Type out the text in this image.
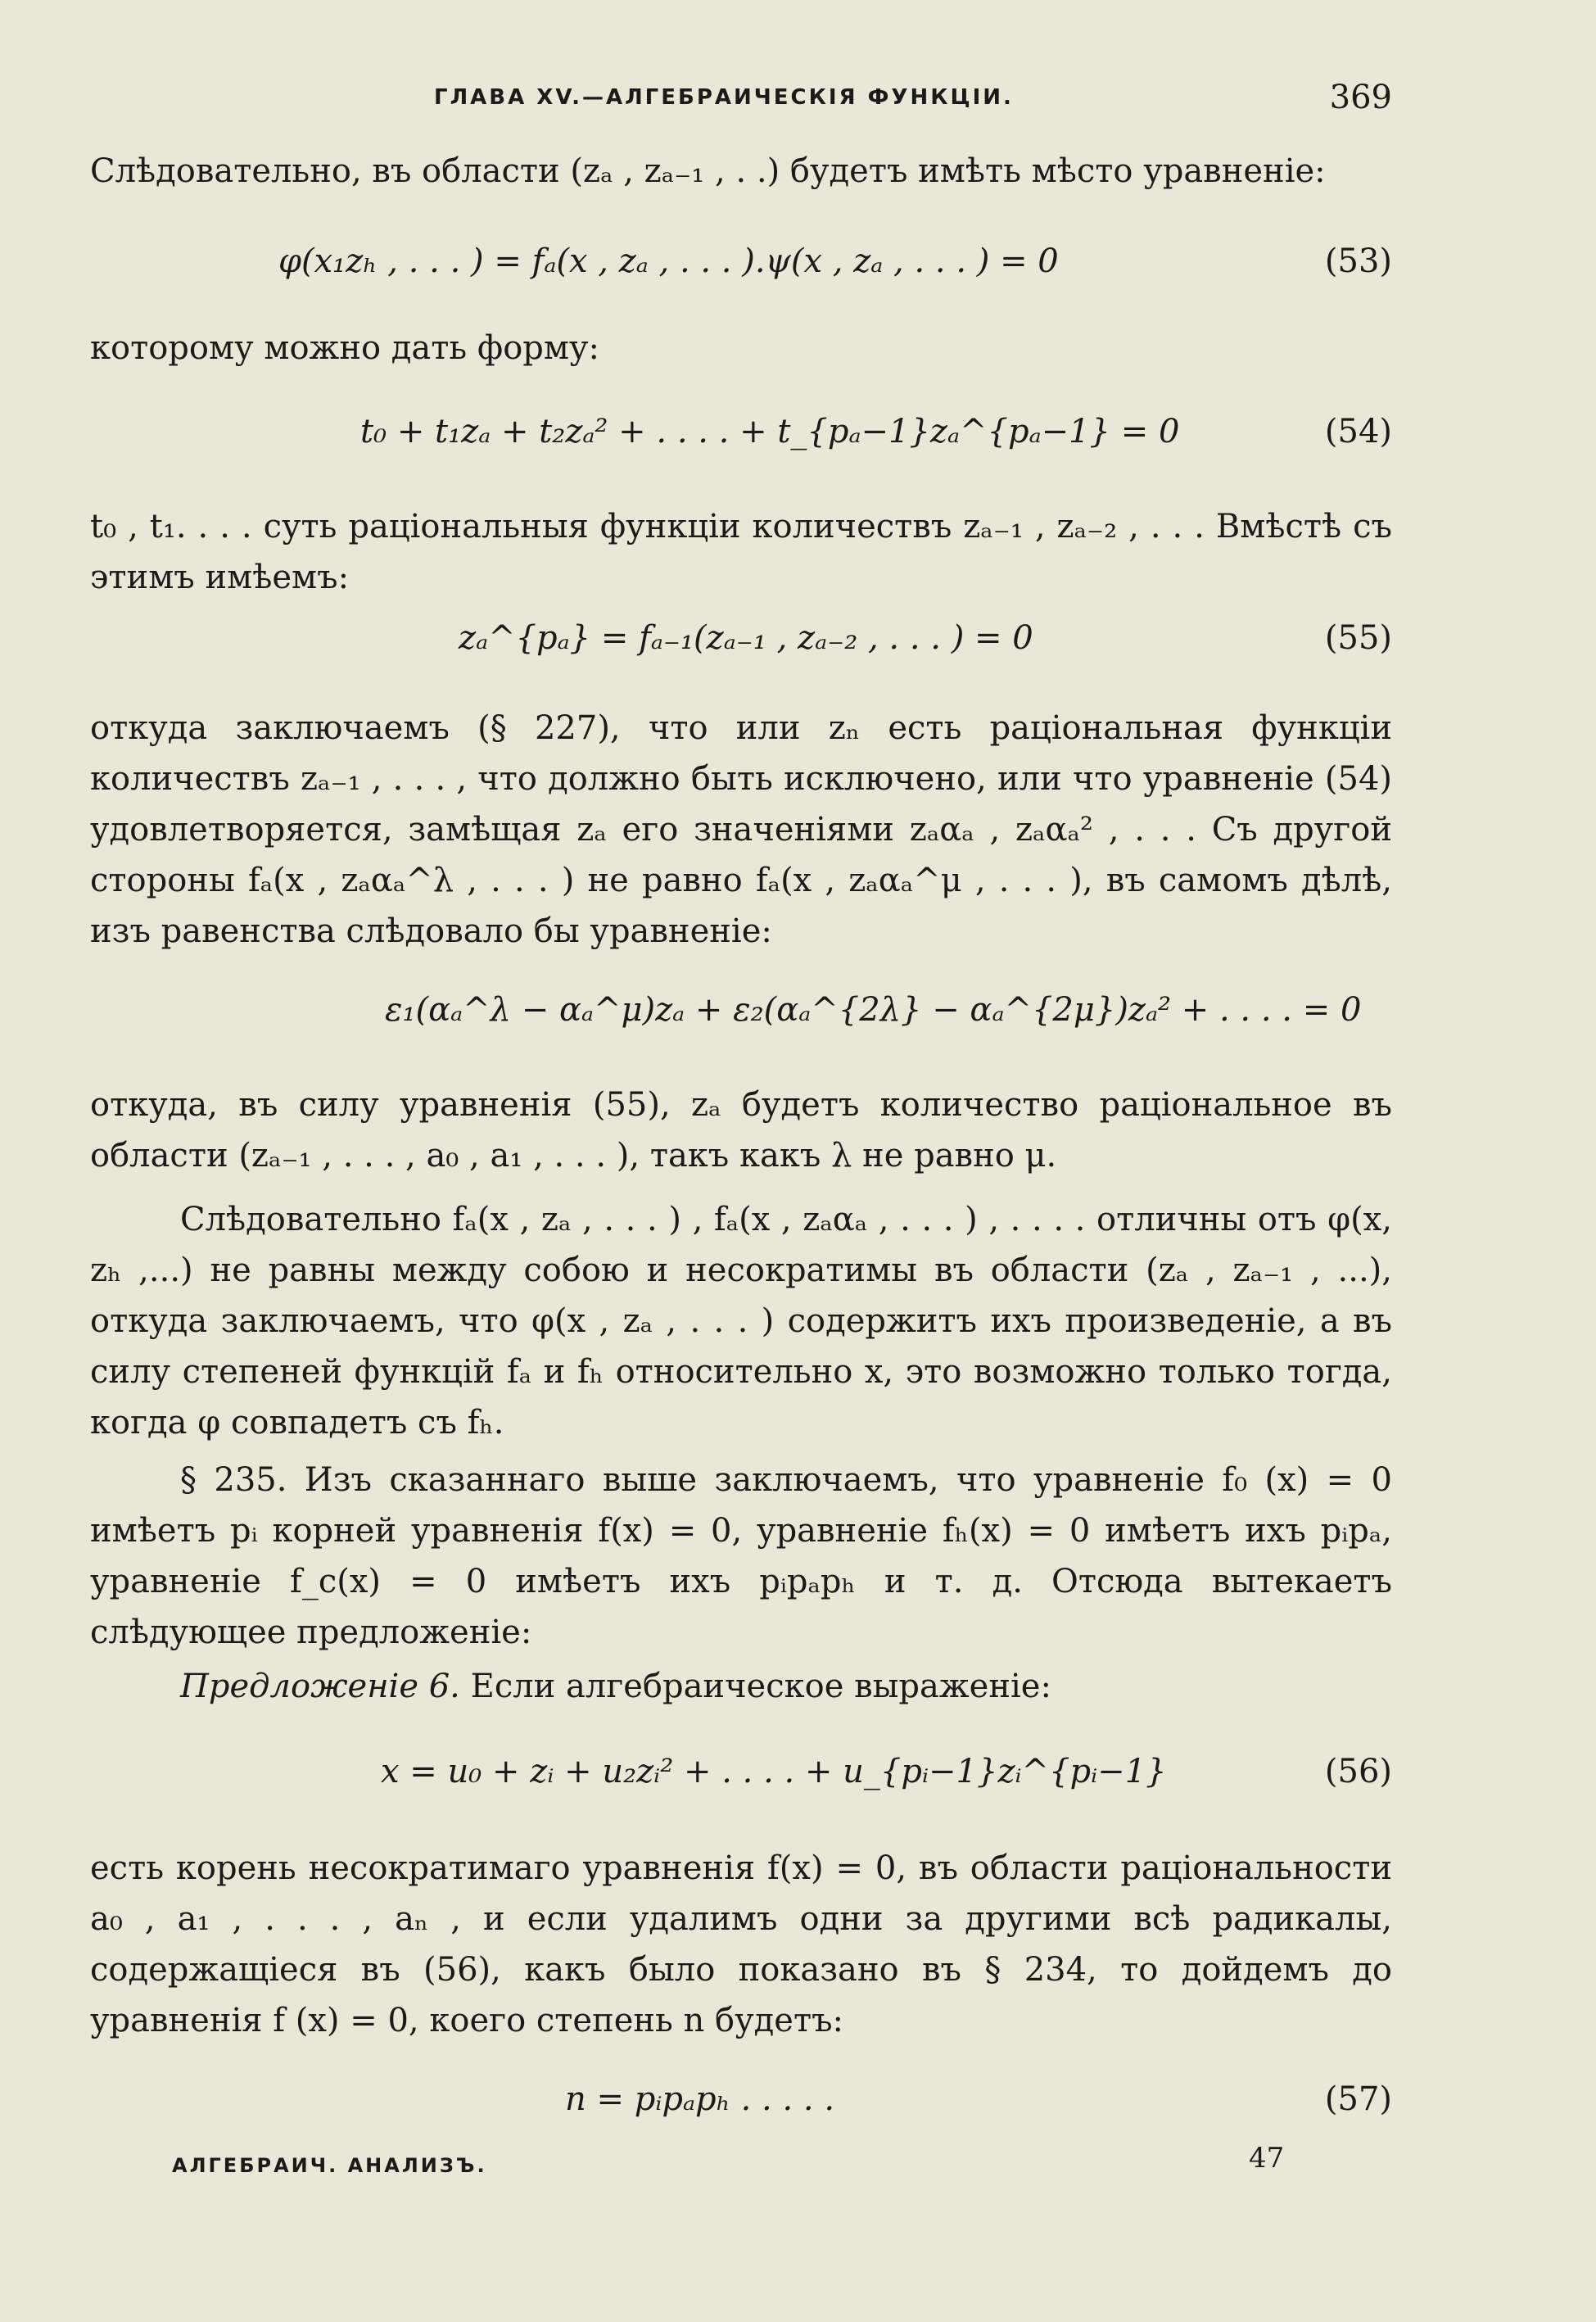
ГЛАВА XV.—АЛГЕБРАИЧЕСКІЯ ФУНКЦІИ.	369

Слѣдовательно, въ области (zₐ , zₐ₋₁ , . .) будетъ имѣть мѣсто уравненіе:

φ(x₁zₕ , . . . ) = fₐ(x , zₐ , . . . ).ψ(x , zₐ , . . . ) = 0	(53)

которому можно дать форму:

t₀ + t₁zₐ + t₂zₐ² + . . . . + t_{pₐ−1}zₐ^{pₐ−1} = 0	(54)

t₀ , t₁. . . . суть раціональныя функціи количествъ zₐ₋₁ , zₐ₋₂ , . . . Вмѣстѣ съ этимъ имѣемъ:

zₐ^{pₐ} = fₐ₋₁(zₐ₋₁ , zₐ₋₂ , . . . ) = 0	(55)

откуда заключаемъ (§ 227), что или zₙ есть раціональная функціи количествъ zₐ₋₁ , . . . , что должно быть исключено, или что уравненіе (54) удовлетворяется, замѣщая zₐ его значеніями zₐαₐ , zₐαₐ² , . . . Съ другой стороны fₐ(x , zₐαₐ^λ , . . . ) не равно fₐ(x , zₐαₐ^μ , . . . ), въ самомъ дѣлѣ, изъ равенства слѣдовало бы уравненіе:

ε₁(αₐ^λ − αₐ^μ)zₐ + ε₂(αₐ^{2λ} − αₐ^{2μ})zₐ² + . . . . = 0

откуда, въ силу уравненія (55), zₐ будетъ количество раціональное въ области (zₐ₋₁ , . . . , a₀ , a₁ , . . . ), такъ какъ λ не равно μ.

Слѣдовательно fₐ(x , zₐ , . . . ) , fₐ(x , zₐαₐ , . . . ) , . . . . отличны отъ φ(x, zₕ ,...) не равны между собою и несократимы въ области (zₐ , zₐ₋₁ , ...), откуда заключаемъ, что φ(x , zₐ , . . . ) содержитъ ихъ произведеніе, а въ силу степеней функцій fₐ и fₕ относительно x, это возможно только тогда, когда φ совпадетъ съ fₕ.

§ 235. Изъ сказаннаго выше заключаемъ, что уравненіе f₀ (x) = 0 имѣетъ pᵢ корней уравненія f(x) = 0, уравненіе fₕ(x) = 0 имѣетъ ихъ pᵢpₐ, уравненіе f_c(x) = 0 имѣетъ ихъ pᵢpₐpₕ и т. д. Отсюда вытекаетъ слѣдующее предложеніе:

Предложеніе 6. Если алгебраическое выраженіе:

x = u₀ + zᵢ + u₂zᵢ² + . . . . + u_{pᵢ−1}zᵢ^{pᵢ−1}	(56)

есть корень несократимаго уравненія f(x) = 0, въ области раціональности a₀ , a₁ , . . . , aₙ , и если удалимъ одни за другими всѣ радикалы, содержащіеся въ (56), какъ было показано въ § 234, то дойдемъ до уравненія f (x) = 0, коего степень n будетъ:

n = pᵢpₐpₕ . . . . .	(57)
АЛГЕБРАИЧ. АНАЛИЗЪ.	47
